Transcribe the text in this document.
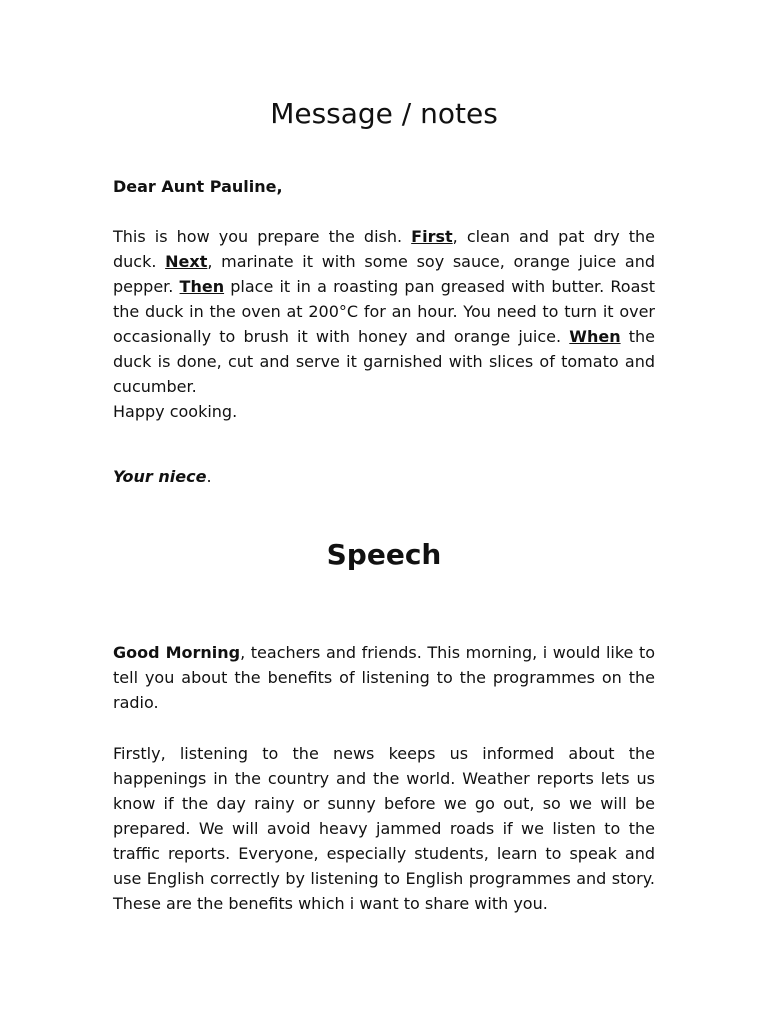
Message / notes

Dear Aunt Pauline,

This is how you prepare the dish. First, clean and pat dry the duck. Next, marinate it with some soy sauce, orange juice and pepper. Then place it in a roasting pan greased with butter. Roast the duck in the oven at 200°C for an hour. You need to turn it over occasionally to brush it with honey and orange juice. When the duck is done, cut and serve it garnished with slices of tomato and cucumber.
Happy cooking.

Your niece.

Speech

Good Morning, teachers and friends. This morning, i would like to tell you about the benefits of listening to the programmes on the radio.

Firstly, listening to the news keeps us informed about the happenings in the country and the world. Weather reports lets us know if the day rainy or sunny before we go out, so we will be prepared. We will avoid heavy jammed roads if we listen to the traffic reports. Everyone, especially students, learn to speak and use English correctly by listening to English programmes and story. These are the benefits which i want to share with you.
